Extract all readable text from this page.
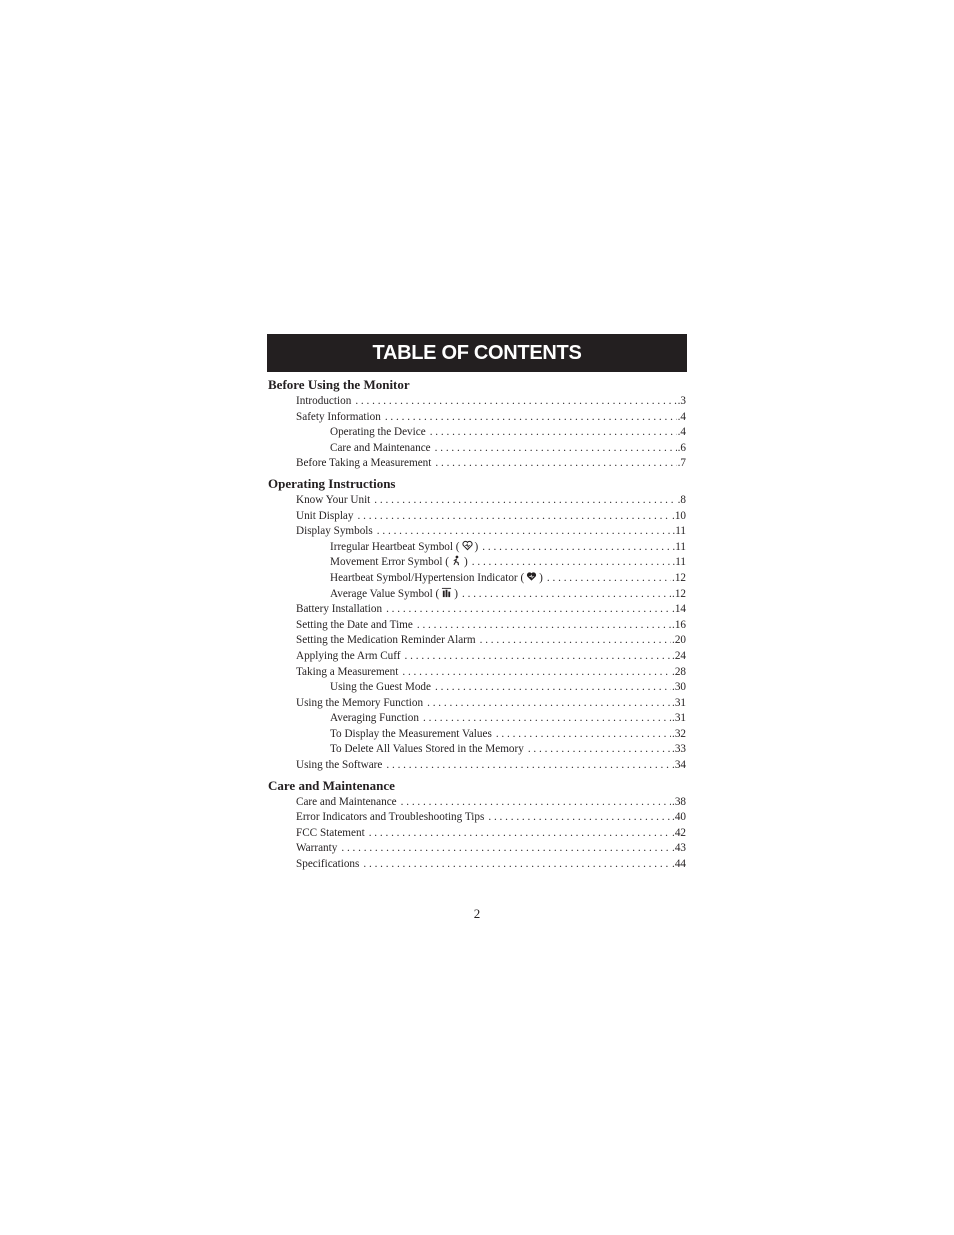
TABLE OF CONTENTS
Before Using the Monitor
Introduction . . .	.3
Safety Information . . .	.4
Operating the Device . . .	.4
Care and Maintenance . . .	.6
Before Taking a Measurement . . .	.7
Operating Instructions
Know Your Unit . . .	.8
Unit Display . . .	.10
Display Symbols . . .	.11
Irregular Heartbeat Symbol ( ) . . .	.11
Movement Error Symbol ( ) . . .	.11
Heartbeat Symbol/Hypertension Indicator ( ) . . .	.12
Average Value Symbol ( ) . . .	.12
Battery Installation . . .	.14
Setting the Date and Time . . .	.16
Setting the Medication Reminder Alarm . . .	.20
Applying the Arm Cuff . . .	.24
Taking a Measurement . . .	.28
Using the Guest Mode . . .	.30
Using the Memory Function . . .	.31
Averaging Function . . .	.31
To Display the Measurement Values . . .	.32
To Delete All Values Stored in the Memory . . .	.33
Using the Software . . .	.34
Care and Maintenance
Care and Maintenance . . .	.38
Error Indicators and Troubleshooting Tips . . .	.40
FCC Statement . . .	.42
Warranty . . .	.43
Specifications . . .	.44
2
